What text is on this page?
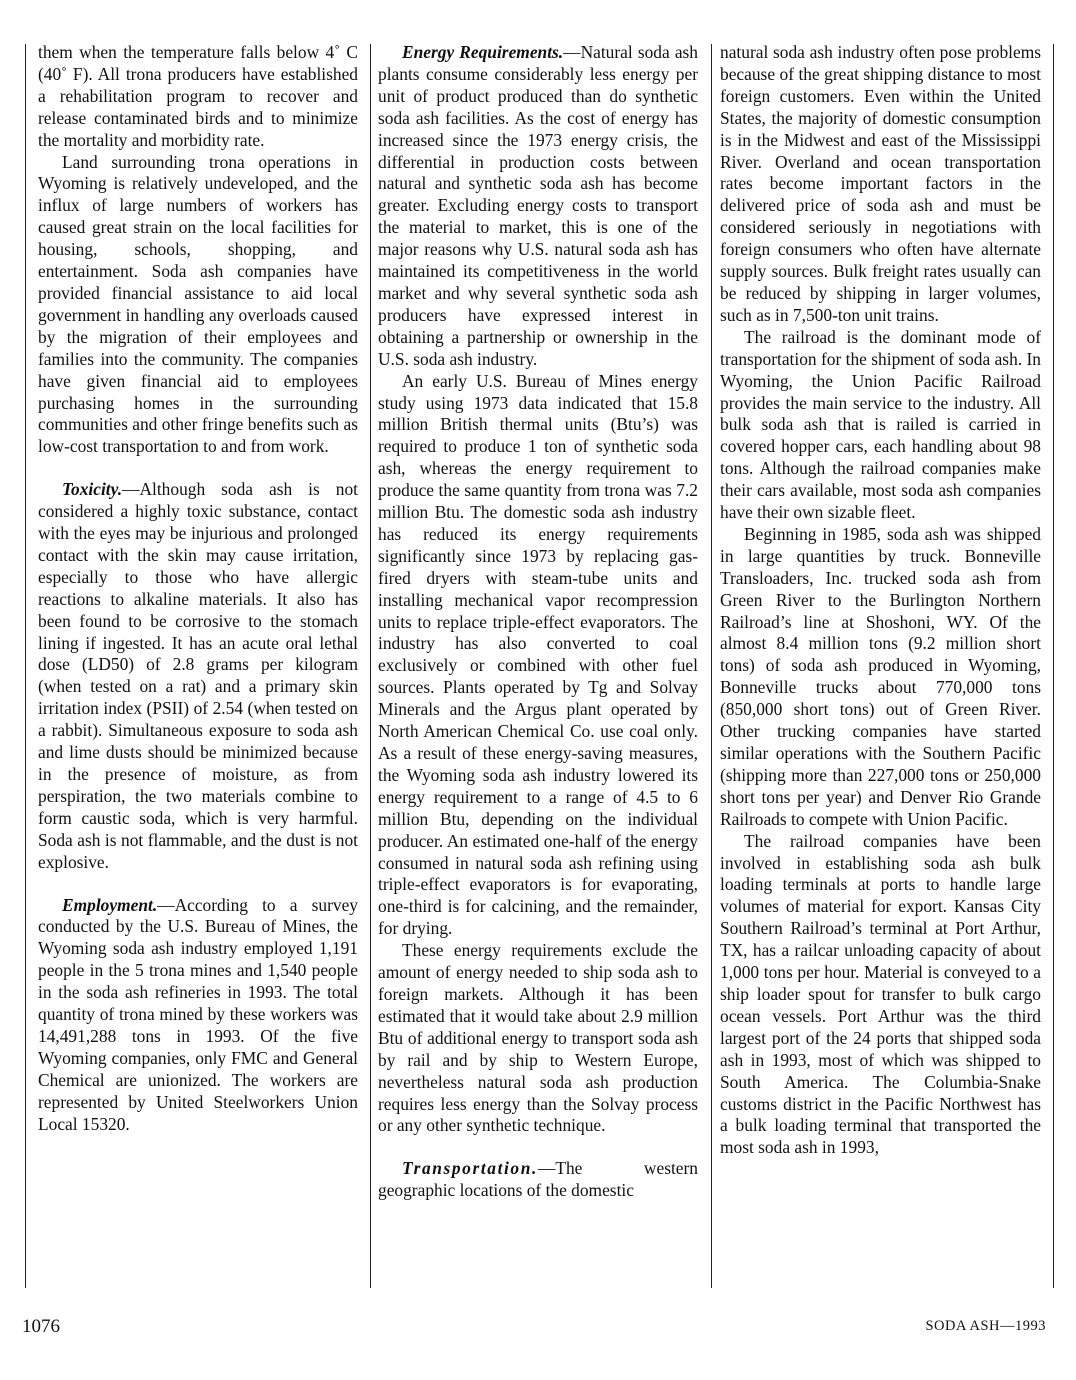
them when the temperature falls below 4˚ C (40˚ F). All trona producers have established a rehabilitation program to recover and release contaminated birds and to minimize the mortality and morbidity rate.

Land surrounding trona operations in Wyoming is relatively undeveloped, and the influx of large numbers of workers has caused great strain on the local facilities for housing, schools, shopping, and entertainment. Soda ash companies have provided financial assistance to aid local government in handling any overloads caused by the migration of their employees and families into the community. The companies have given financial aid to employees purchasing homes in the surrounding communities and other fringe benefits such as low-cost transportation to and from work.

Toxicity.—Although soda ash is not considered a highly toxic substance, contact with the eyes may be injurious and prolonged contact with the skin may cause irritation, especially to those who have allergic reactions to alkaline materials. It also has been found to be corrosive to the stomach lining if ingested. It has an acute oral lethal dose (LD50) of 2.8 grams per kilogram (when tested on a rat) and a primary skin irritation index (PSII) of 2.54 (when tested on a rabbit). Simultaneous exposure to soda ash and lime dusts should be minimized because in the presence of moisture, as from perspiration, the two materials combine to form caustic soda, which is very harmful. Soda ash is not flammable, and the dust is not explosive.

Employment.—According to a survey conducted by the U.S. Bureau of Mines, the Wyoming soda ash industry employed 1,191 people in the 5 trona mines and 1,540 people in the soda ash refineries in 1993. The total quantity of trona mined by these workers was 14,491,288 tons in 1993. Of the five Wyoming companies, only FMC and General Chemical are unionized. The workers are represented by United Steelworkers Union Local 15320.

Energy Requirements.—Natural soda ash plants consume considerably less energy per unit of product produced than do synthetic soda ash facilities. As the cost of energy has increased since the 1973 energy crisis, the differential in production costs between natural and synthetic soda ash has become greater. Excluding energy costs to transport the material to market, this is one of the major reasons why U.S. natural soda ash has maintained its competitiveness in the world market and why several synthetic soda ash producers have expressed interest in obtaining a partnership or ownership in the U.S. soda ash industry.

An early U.S. Bureau of Mines energy study using 1973 data indicated that 15.8 million British thermal units (Btu’s) was required to produce 1 ton of synthetic soda ash, whereas the energy requirement to produce the same quantity from trona was 7.2 million Btu. The domestic soda ash industry has reduced its energy requirements significantly since 1973 by replacing gas-fired dryers with steam-tube units and installing mechanical vapor recompression units to replace triple-effect evaporators. The industry has also converted to coal exclusively or combined with other fuel sources. Plants operated by Tg and Solvay Minerals and the Argus plant operated by North American Chemical Co. use coal only. As a result of these energy-saving measures, the Wyoming soda ash industry lowered its energy requirement to a range of 4.5 to 6 million Btu, depending on the individual producer. An estimated one-half of the energy consumed in natural soda ash refining using triple-effect evaporators is for evaporating, one-third is for calcining, and the remainder, for drying.

These energy requirements exclude the amount of energy needed to ship soda ash to foreign markets. Although it has been estimated that it would take about 2.9 million Btu of additional energy to transport soda ash by rail and by ship to Western Europe, nevertheless natural soda ash production requires less energy than the Solvay process or any other synthetic technique.

Transportation.—The western geographic locations of the domestic

natural soda ash industry often pose problems because of the great shipping distance to most foreign customers. Even within the United States, the majority of domestic consumption is in the Midwest and east of the Mississippi River. Overland and ocean transportation rates become important factors in the delivered price of soda ash and must be considered seriously in negotiations with foreign consumers who often have alternate supply sources. Bulk freight rates usually can be reduced by shipping in larger volumes, such as in 7,500-ton unit trains.

The railroad is the dominant mode of transportation for the shipment of soda ash. In Wyoming, the Union Pacific Railroad provides the main service to the industry. All bulk soda ash that is railed is carried in covered hopper cars, each handling about 98 tons. Although the railroad companies make their cars available, most soda ash companies have their own sizable fleet.

Beginning in 1985, soda ash was shipped in large quantities by truck. Bonneville Transloaders, Inc. trucked soda ash from Green River to the Burlington Northern Railroad’s line at Shoshoni, WY. Of the almost 8.4 million tons (9.2 million short tons) of soda ash produced in Wyoming, Bonneville trucks about 770,000 tons (850,000 short tons) out of Green River. Other trucking companies have started similar operations with the Southern Pacific (shipping more than 227,000 tons or 250,000 short tons per year) and Denver Rio Grande Railroads to compete with Union Pacific.

The railroad companies have been involved in establishing soda ash bulk loading terminals at ports to handle large volumes of material for export. Kansas City Southern Railroad’s terminal at Port Arthur, TX, has a railcar unloading capacity of about 1,000 tons per hour. Material is conveyed to a ship loader spout for transfer to bulk cargo ocean vessels. Port Arthur was the third largest port of the 24 ports that shipped soda ash in 1993, most of which was shipped to South America. The Columbia-Snake customs district in the Pacific Northwest has a bulk loading terminal that transported the most soda ash in 1993,

1076	SODA ASH—1993
